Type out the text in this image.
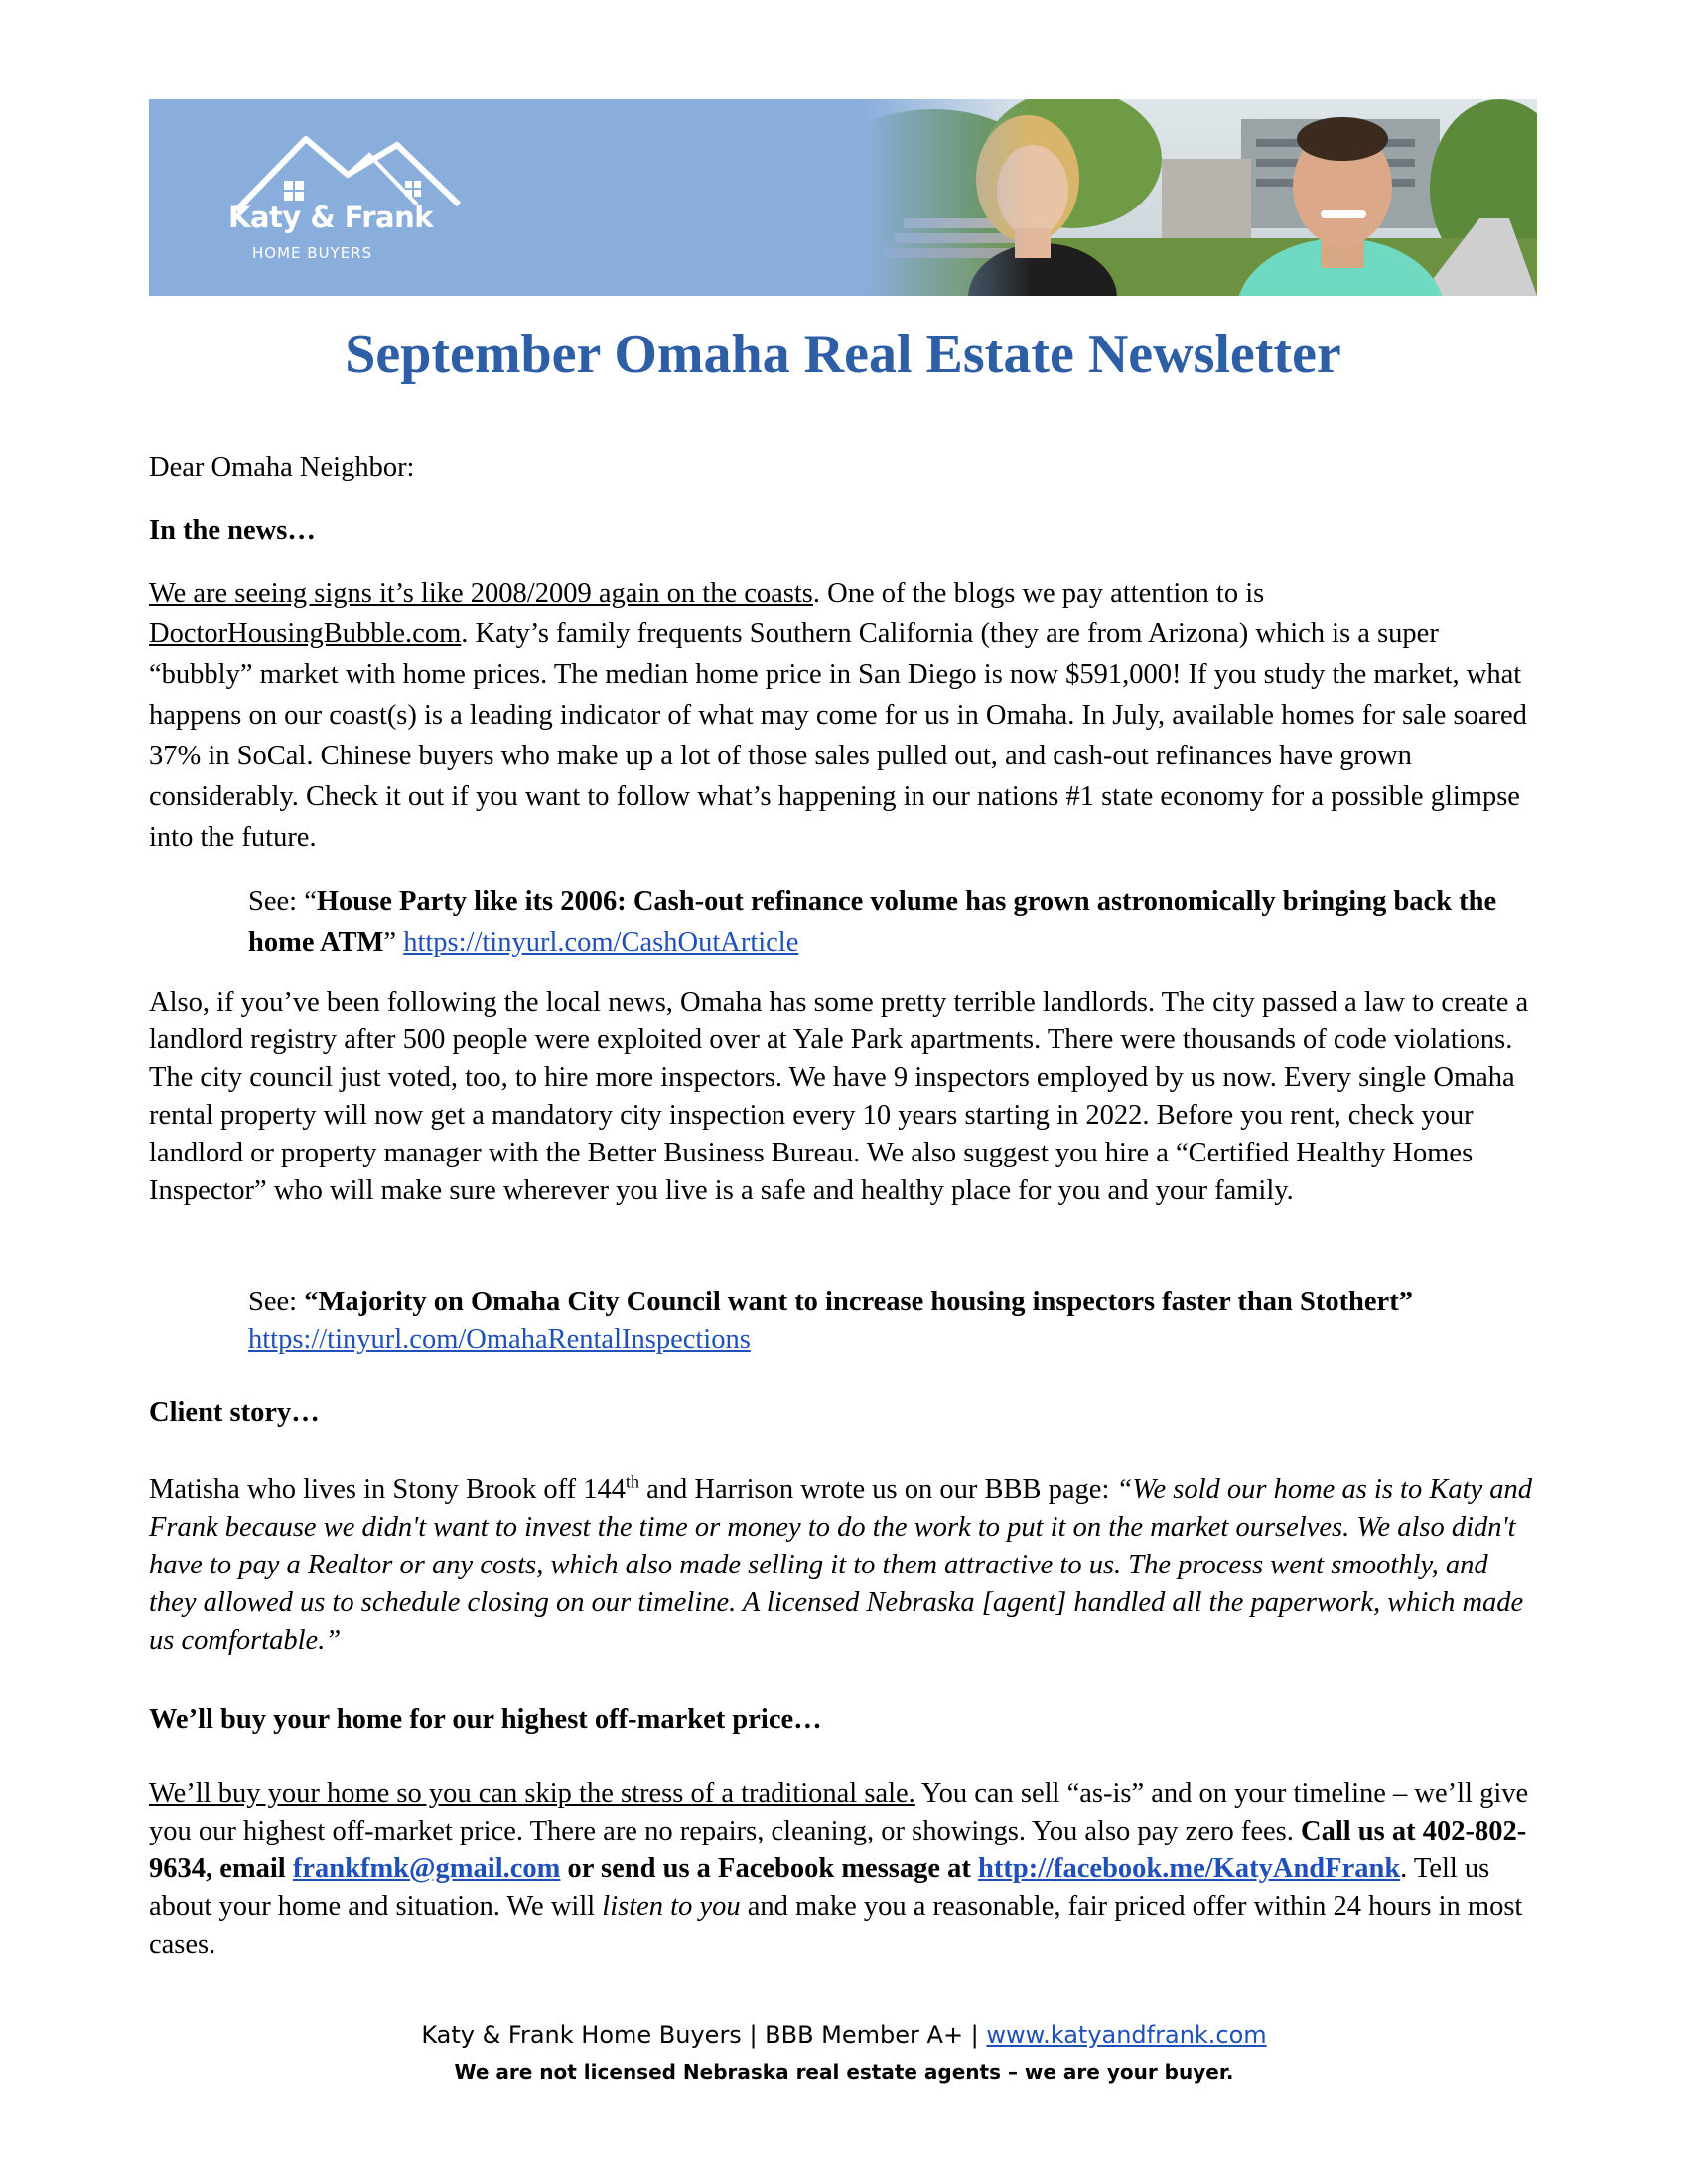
Katy & Frank
HOME BUYERS
September Omaha Real Estate Newsletter

Dear Omaha Neighbor:

In the news…

We are seeing signs it’s like 2008/2009 again on the coasts. One of the blogs we pay attention to is DoctorHousingBubble.com. Katy’s family frequents Southern California (they are from Arizona) which is a super “bubbly” market with home prices. The median home price in San Diego is now $591,000! If you study the market, what happens on our coast(s) is a leading indicator of what may come for us in Omaha. In July, available homes for sale soared 37% in SoCal. Chinese buyers who make up a lot of those sales pulled out, and cash-out refinances have grown considerably. Check it out if you want to follow what’s happening in our nations #1 state economy for a possible glimpse into the future.

See: “House Party like its 2006: Cash-out refinance volume has grown astronomically bringing back the home ATM” https://tinyurl.com/CashOutArticle

Also, if you’ve been following the local news, Omaha has some pretty terrible landlords. The city passed a law to create a landlord registry after 500 people were exploited over at Yale Park apartments. There were thousands of code violations. The city council just voted, too, to hire more inspectors. We have 9 inspectors employed by us now. Every single Omaha rental property will now get a mandatory city inspection every 10 years starting in 2022. Before you rent, check your landlord or property manager with the Better Business Bureau. We also suggest you hire a “Certified Healthy Homes Inspector” who will make sure wherever you live is a safe and healthy place for you and your family.

See: “Majority on Omaha City Council want to increase housing inspectors faster than Stothert” https://tinyurl.com/OmahaRentalInspections

Client story…

Matisha who lives in Stony Brook off 144th and Harrison wrote us on our BBB page: “We sold our home as is to Katy and Frank because we didn't want to invest the time or money to do the work to put it on the market ourselves. We also didn't have to pay a Realtor or any costs, which also made selling it to them attractive to us. The process went smoothly, and they allowed us to schedule closing on our timeline. A licensed Nebraska [agent] handled all the paperwork, which made us comfortable.”

We’ll buy your home for our highest off-market price…

We’ll buy your home so you can skip the stress of a traditional sale. You can sell “as-is” and on your timeline – we’ll give you our highest off-market price. There are no repairs, cleaning, or showings. You also pay zero fees. Call us at 402-802-9634, email frankfmk@gmail.com or send us a Facebook message at http://facebook.me/KatyAndFrank. Tell us about your home and situation. We will listen to you and make you a reasonable, fair priced offer within 24 hours in most cases.

Katy & Frank Home Buyers | BBB Member A+ | www.katyandfrank.com
We are not licensed Nebraska real estate agents – we are your buyer.
